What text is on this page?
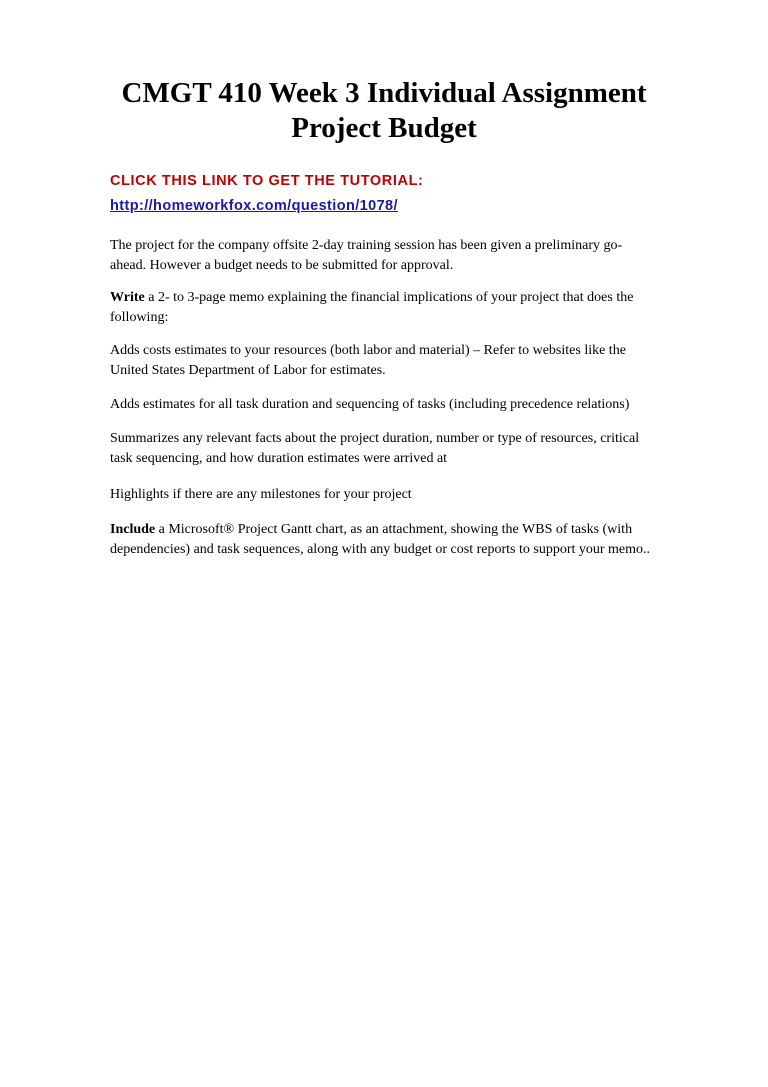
CMGT 410 Week 3 Individual Assignment
Project Budget

CLICK THIS LINK TO GET THE TUTORIAL:

http://homeworkfox.com/question/1078/

The project for the company offsite 2-day training session has been given a preliminary go-
ahead. However a budget needs to be submitted for approval.

Write a 2- to 3-page memo explaining the financial implications of your project that does the
following:

Adds costs estimates to your resources (both labor and material) – Refer to websites like the
United States Department of Labor for estimates.

Adds estimates for all task duration and sequencing of tasks (including precedence relations)

Summarizes any relevant facts about the project duration, number or type of resources, critical
task sequencing, and how duration estimates were arrived at

Highlights if there are any milestones for your project

Include a Microsoft® Project Gantt chart, as an attachment, showing the WBS of tasks (with
dependencies) and task sequences, along with any budget or cost reports to support your memo..
